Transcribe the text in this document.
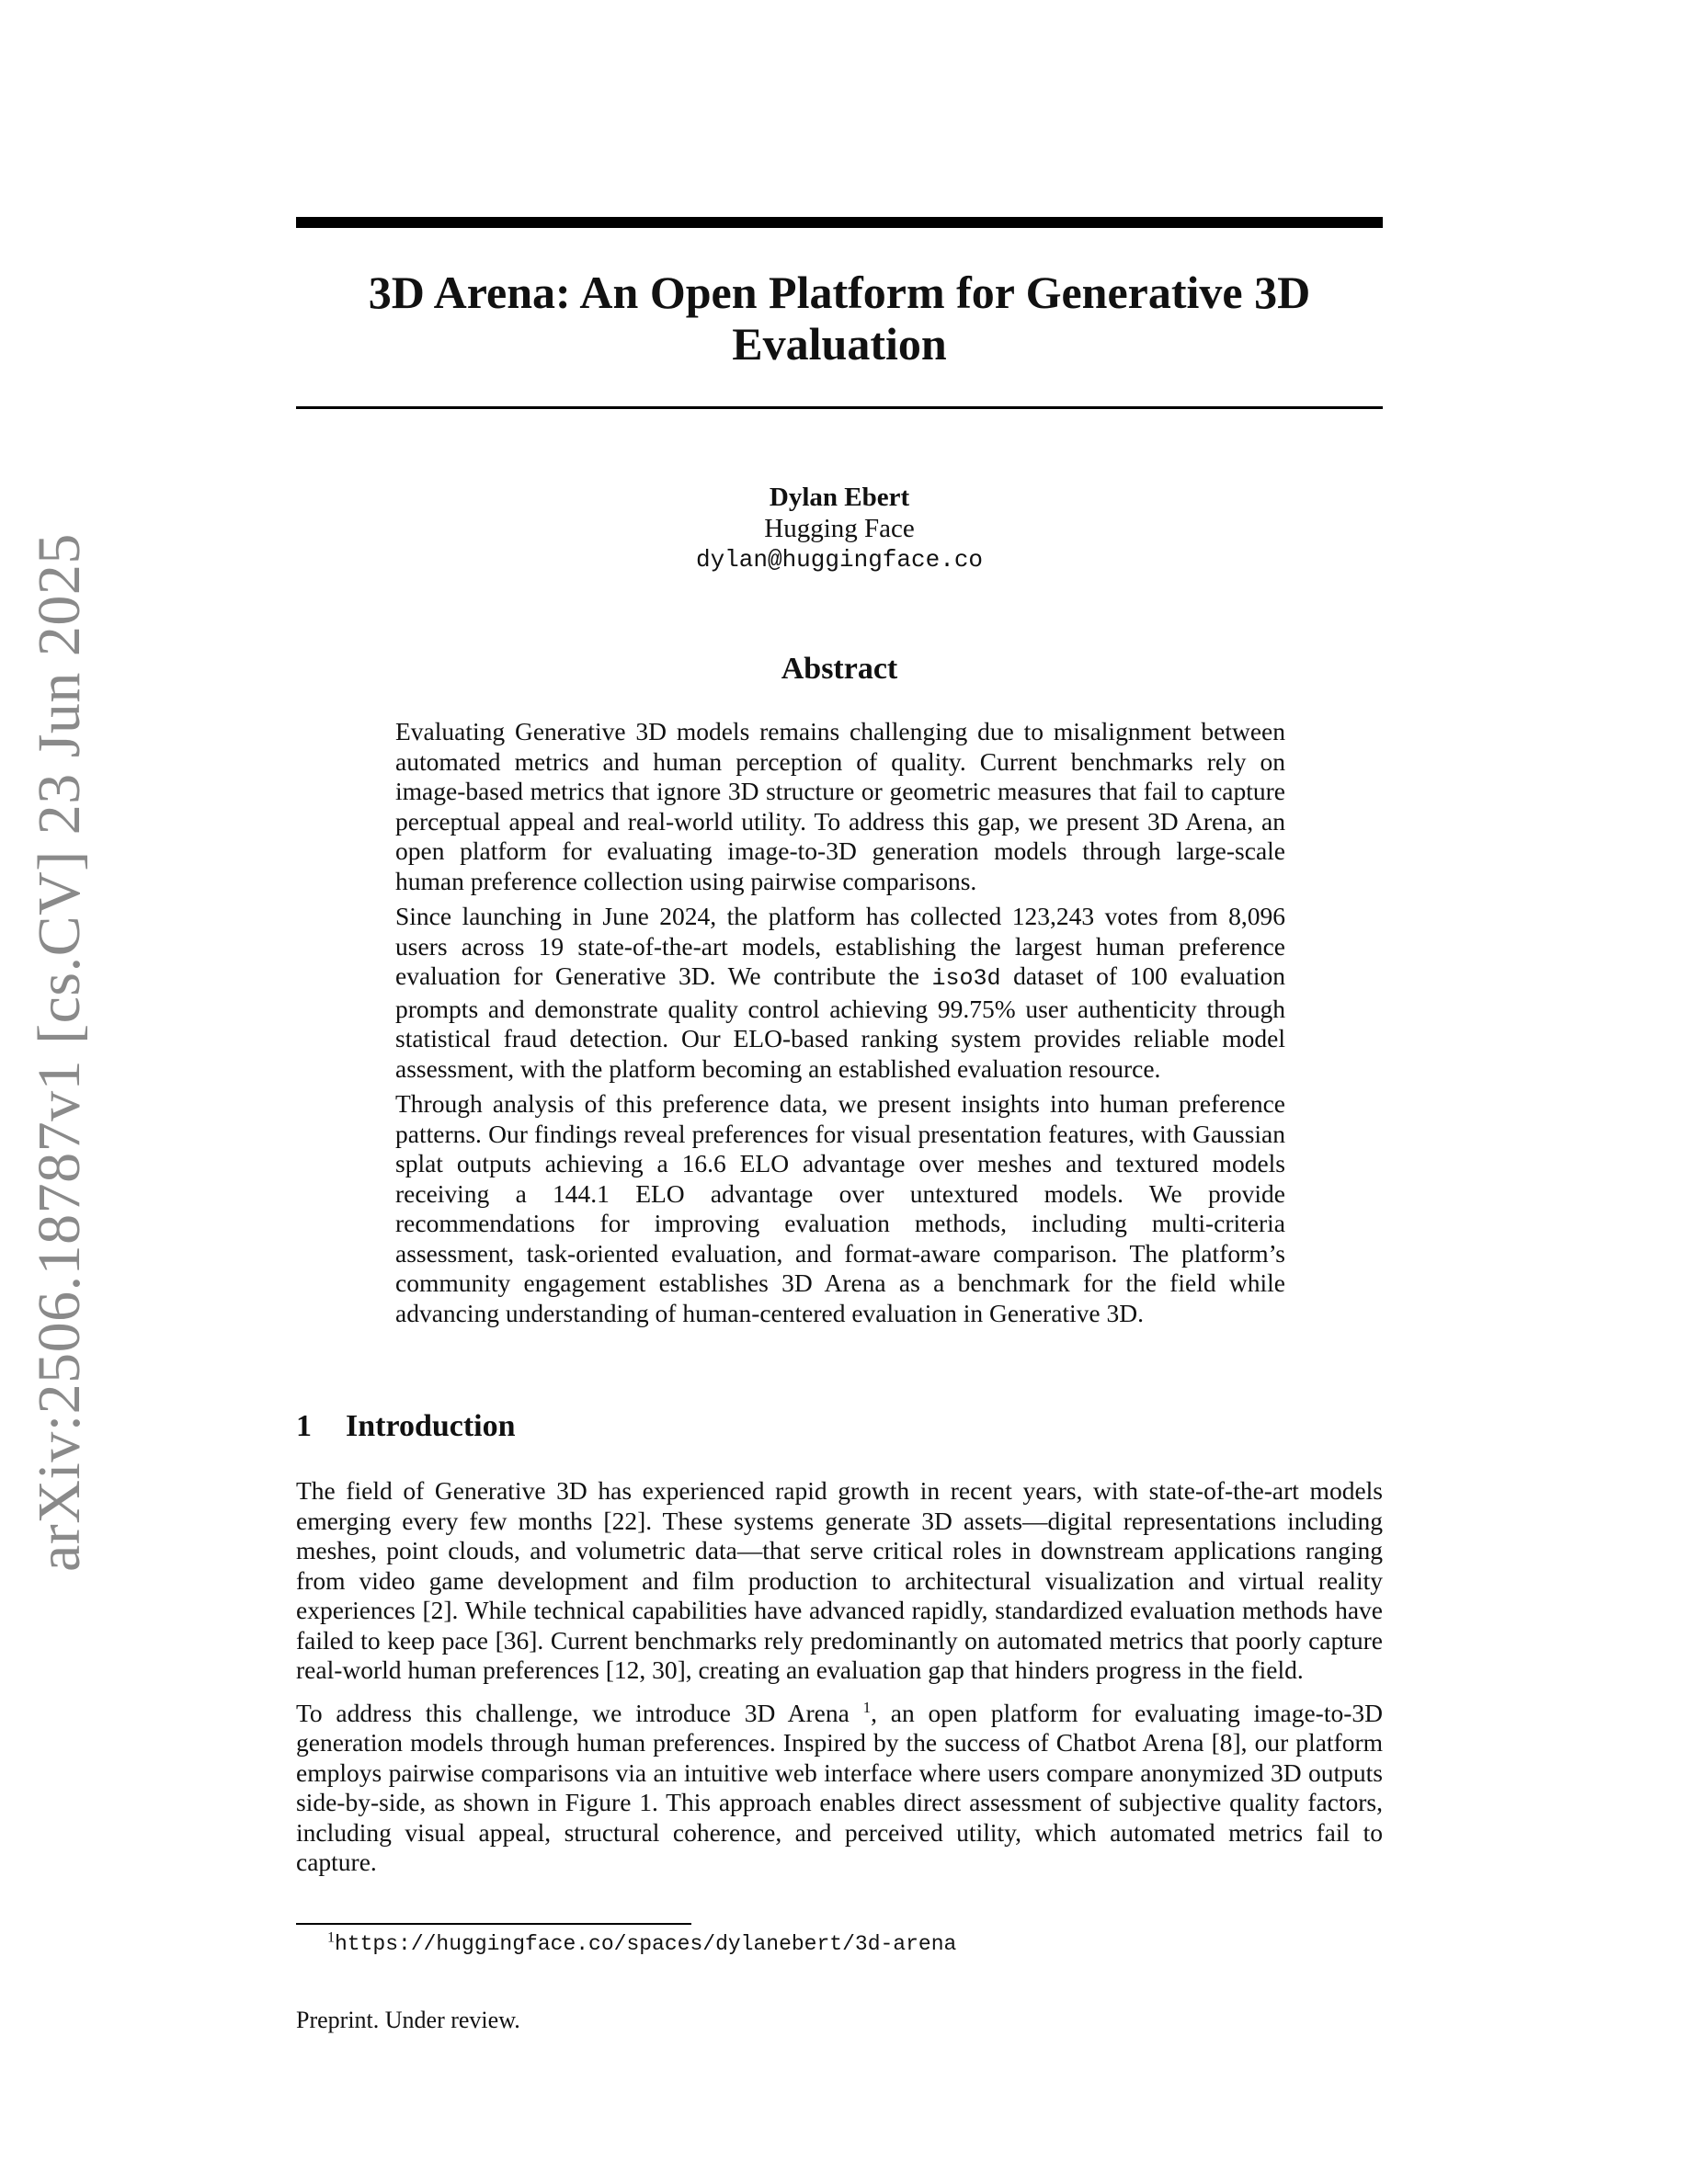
arXiv:2506.18787v1 [cs.CV] 23 Jun 2025
3D Arena: An Open Platform for Generative 3D
Evaluation
Dylan Ebert
Hugging Face
dylan@huggingface.co
Abstract

Evaluating Generative 3D models remains challenging due to misalignment between automated metrics and human perception of quality. Current benchmarks rely on image-based metrics that ignore 3D structure or geometric measures that fail to capture perceptual appeal and real-world utility. To address this gap, we present 3D Arena, an open platform for evaluating image-to-3D generation models through large-scale human preference collection using pairwise comparisons.

Since launching in June 2024, the platform has collected 123,243 votes from 8,096 users across 19 state-of-the-art models, establishing the largest human preference evaluation for Generative 3D. We contribute the iso3d dataset of 100 evaluation prompts and demonstrate quality control achieving 99.75% user authenticity through statistical fraud detection. Our ELO-based ranking system provides reliable model assessment, with the platform becoming an established evaluation resource.

Through analysis of this preference data, we present insights into human preference patterns. Our findings reveal preferences for visual presentation features, with Gaussian splat outputs achieving a 16.6 ELO advantage over meshes and textured models receiving a 144.1 ELO advantage over untextured models. We provide recommendations for improving evaluation methods, including multi-criteria assessment, task-oriented evaluation, and format-aware comparison. The platform’s community engagement establishes 3D Arena as a benchmark for the field while advancing understanding of human-centered evaluation in Generative 3D.

1 Introduction

The field of Generative 3D has experienced rapid growth in recent years, with state-of-the-art models emerging every few months [22]. These systems generate 3D assets—digital representations including meshes, point clouds, and volumetric data—that serve critical roles in downstream applications ranging from video game development and film production to architectural visualization and virtual reality experiences [2]. While technical capabilities have advanced rapidly, standardized evaluation methods have failed to keep pace [36]. Current benchmarks rely predominantly on automated metrics that poorly capture real-world human preferences [12, 30], creating an evaluation gap that hinders progress in the field.

To address this challenge, we introduce 3D Arena $^1$, an open platform for evaluating image-to-3D generation models through human preferences. Inspired by the success of Chatbot Arena [8], our platform employs pairwise comparisons via an intuitive web interface where users compare anonymized 3D outputs side-by-side, as shown in Figure 1. This approach enables direct assessment of subjective quality factors, including visual appeal, structural coherence, and perceived utility, which automated metrics fail to capture.

$^1$https://huggingface.co/spaces/dylanebert/3d-arena
Preprint. Under review.
